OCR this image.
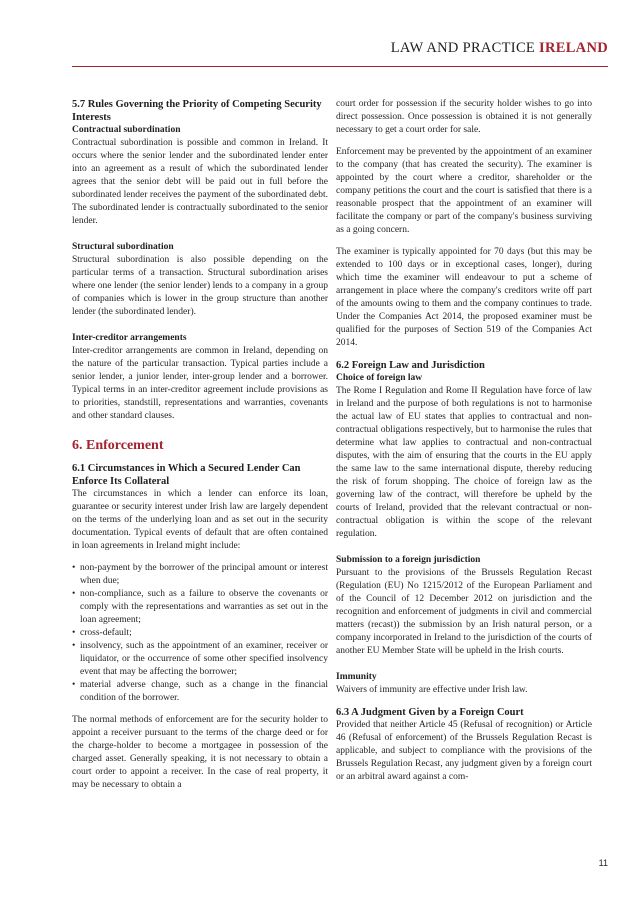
LAW AND PRACTICE IRELAND
5.7 Rules Governing the Priority of Competing Security Interests
Contractual subordination

Contractual subordination is possible and common in Ireland. It occurs where the senior lender and the subordinated lender enter into an agreement as a result of which the subordinated lender agrees that the senior debt will be paid out in full before the subordinated lender receives the payment of the subordinated debt. The subordinated lender is contractually subordinated to the senior lender.

Structural subordination

Structural subordination is also possible depending on the particular terms of a transaction. Structural subordination arises where one lender (the senior lender) lends to a company in a group of companies which is lower in the group structure than another lender (the subordinated lender).

Inter-creditor arrangements

Inter-creditor arrangements are common in Ireland, depending on the nature of the particular transaction. Typical parties include a senior lender, a junior lender, inter-group lender and a borrower. Typical terms in an inter-creditor agreement include provisions as to priorities, standstill, representations and warranties, covenants and other standard clauses.

6. Enforcement
6.1 Circumstances in Which a Secured Lender Can Enforce Its Collateral

The circumstances in which a lender can enforce its loan, guarantee or security interest under Irish law are largely dependent on the terms of the underlying loan and as set out in the security documentation. Typical events of default that are often contained in loan agreements in Ireland might include:

• non-payment by the borrower of the principal amount or interest when due;
• non-compliance, such as a failure to observe the covenants or comply with the representations and warranties as set out in the loan agreement;
• cross-default;
• insolvency, such as the appointment of an examiner, receiver or liquidator, or the occurrence of some other specified insolvency event that may be affecting the borrower;
• material adverse change, such as a change in the financial condition of the borrower.

The normal methods of enforcement are for the security holder to appoint a receiver pursuant to the terms of the charge deed or for the charge-holder to become a mortgagee in possession of the charged asset. Generally speaking, it is not necessary to obtain a court order to appoint a receiver. In the case of real property, it may be necessary to obtain a

court order for possession if the security holder wishes to go into direct possession. Once possession is obtained it is not generally necessary to get a court order for sale.

Enforcement may be prevented by the appointment of an examiner to the company (that has created the security). The examiner is appointed by the court where a creditor, shareholder or the company petitions the court and the court is satisfied that there is a reasonable prospect that the appointment of an examiner will facilitate the company or part of the company's business surviving as a going concern.

The examiner is typically appointed for 70 days (but this may be extended to 100 days or in exceptional cases, longer), during which time the examiner will endeavour to put a scheme of arrangement in place where the company's creditors write off part of the amounts owing to them and the company continues to trade. Under the Companies Act 2014, the proposed examiner must be qualified for the purposes of Section 519 of the Companies Act 2014.

6.2 Foreign Law and Jurisdiction
Choice of foreign law

The Rome I Regulation and Rome II Regulation have force of law in Ireland and the purpose of both regulations is not to harmonise the actual law of EU states that applies to contractual and non-contractual obligations respectively, but to harmonise the rules that determine what law applies to contractual and non-contractual disputes, with the aim of ensuring that the courts in the EU apply the same law to the same international dispute, thereby reducing the risk of forum shopping. The choice of foreign law as the governing law of the contract, will therefore be upheld by the courts of Ireland, provided that the relevant contractual or non-contractual obligation is within the scope of the relevant regulation.

Submission to a foreign jurisdiction

Pursuant to the provisions of the Brussels Regulation Recast (Regulation (EU) No 1215/2012 of the European Parliament and of the Council of 12 December 2012 on jurisdiction and the recognition and enforcement of judgments in civil and commercial matters (recast)) the submission by an Irish natural person, or a company incorporated in Ireland to the jurisdiction of the courts of another EU Member State will be upheld in the Irish courts.

Immunity

Waivers of immunity are effective under Irish law.

6.3 A Judgment Given by a Foreign Court

Provided that neither Article 45 (Refusal of recognition) or Article 46 (Refusal of enforcement) of the Brussels Regulation Recast is applicable, and subject to compliance with the provisions of the Brussels Regulation Recast, any judgment given by a foreign court or an arbitral award against a com-

11
